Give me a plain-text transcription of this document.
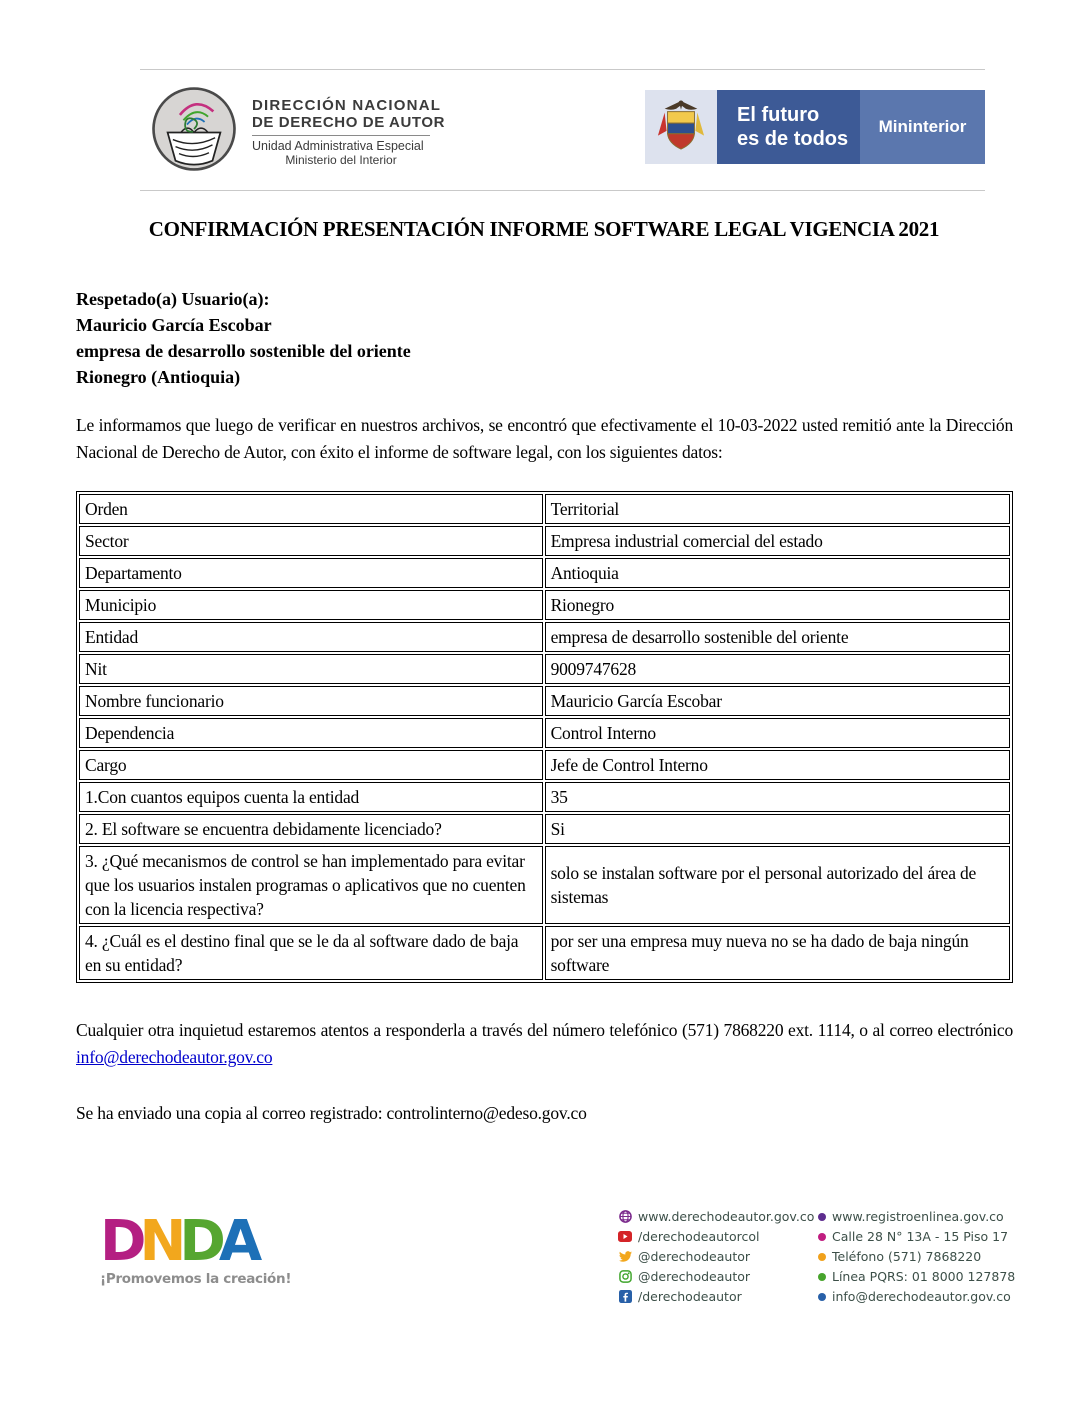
DIRECCIÓN NACIONAL
DE DERECHO DE AUTOR
Unidad Administrativa Especial
Ministerio del Interior
El futuro
es de todos
Mininterior
CONFIRMACIÓN PRESENTACIÓN INFORME SOFTWARE LEGAL VIGENCIA 2021
Respetado(a) Usuario(a):
Mauricio García Escobar
empresa de desarrollo sostenible del oriente
Rionegro (Antioquia)
Le informamos que luego de verificar en nuestros archivos, se encontró que efectivamente el 10-03-2022 usted remitió ante la Dirección Nacional de Derecho de Autor, con éxito el informe de software legal, con los siguientes datos:
Orden	Territorial
Sector	Empresa industrial comercial del estado
Departamento	Antioquia
Municipio	Rionegro
Entidad	empresa de desarrollo sostenible del oriente
Nit	9009747628
Nombre funcionario	Mauricio García Escobar
Dependencia	Control Interno
Cargo	Jefe de Control Interno
1.Con cuantos equipos cuenta la entidad	35
2. El software se encuentra debidamente licenciado?	Si
3. ¿Qué mecanismos de control se han implementado para evitar que los usuarios instalen programas o aplicativos que no cuenten con la licencia respectiva?	solo se instalan software por el personal autorizado del área de sistemas
4. ¿Cuál es el destino final que se le da al software dado de baja en su entidad?	por ser una empresa muy nueva no se ha dado de baja ningún software
Cualquier otra inquietud estaremos atentos a responderla a través del número telefónico (571) 7868220 ext. 1114, o al correo electrónico info@derechodeautor.gov.co
Se ha enviado una copia al correo registrado: controlinterno@edeso.gov.co
DNDA
¡Promovemos la creación!
www.derechodeautor.gov.co
/derechodeautorcol
@derechodeautor
@derechodeautor
/derechodeautor
www.registroenlinea.gov.co
Calle 28 N° 13A - 15 Piso 17
Teléfono (571) 7868220
Línea PQRS: 01 8000 127878
info@derechodeautor.gov.co
